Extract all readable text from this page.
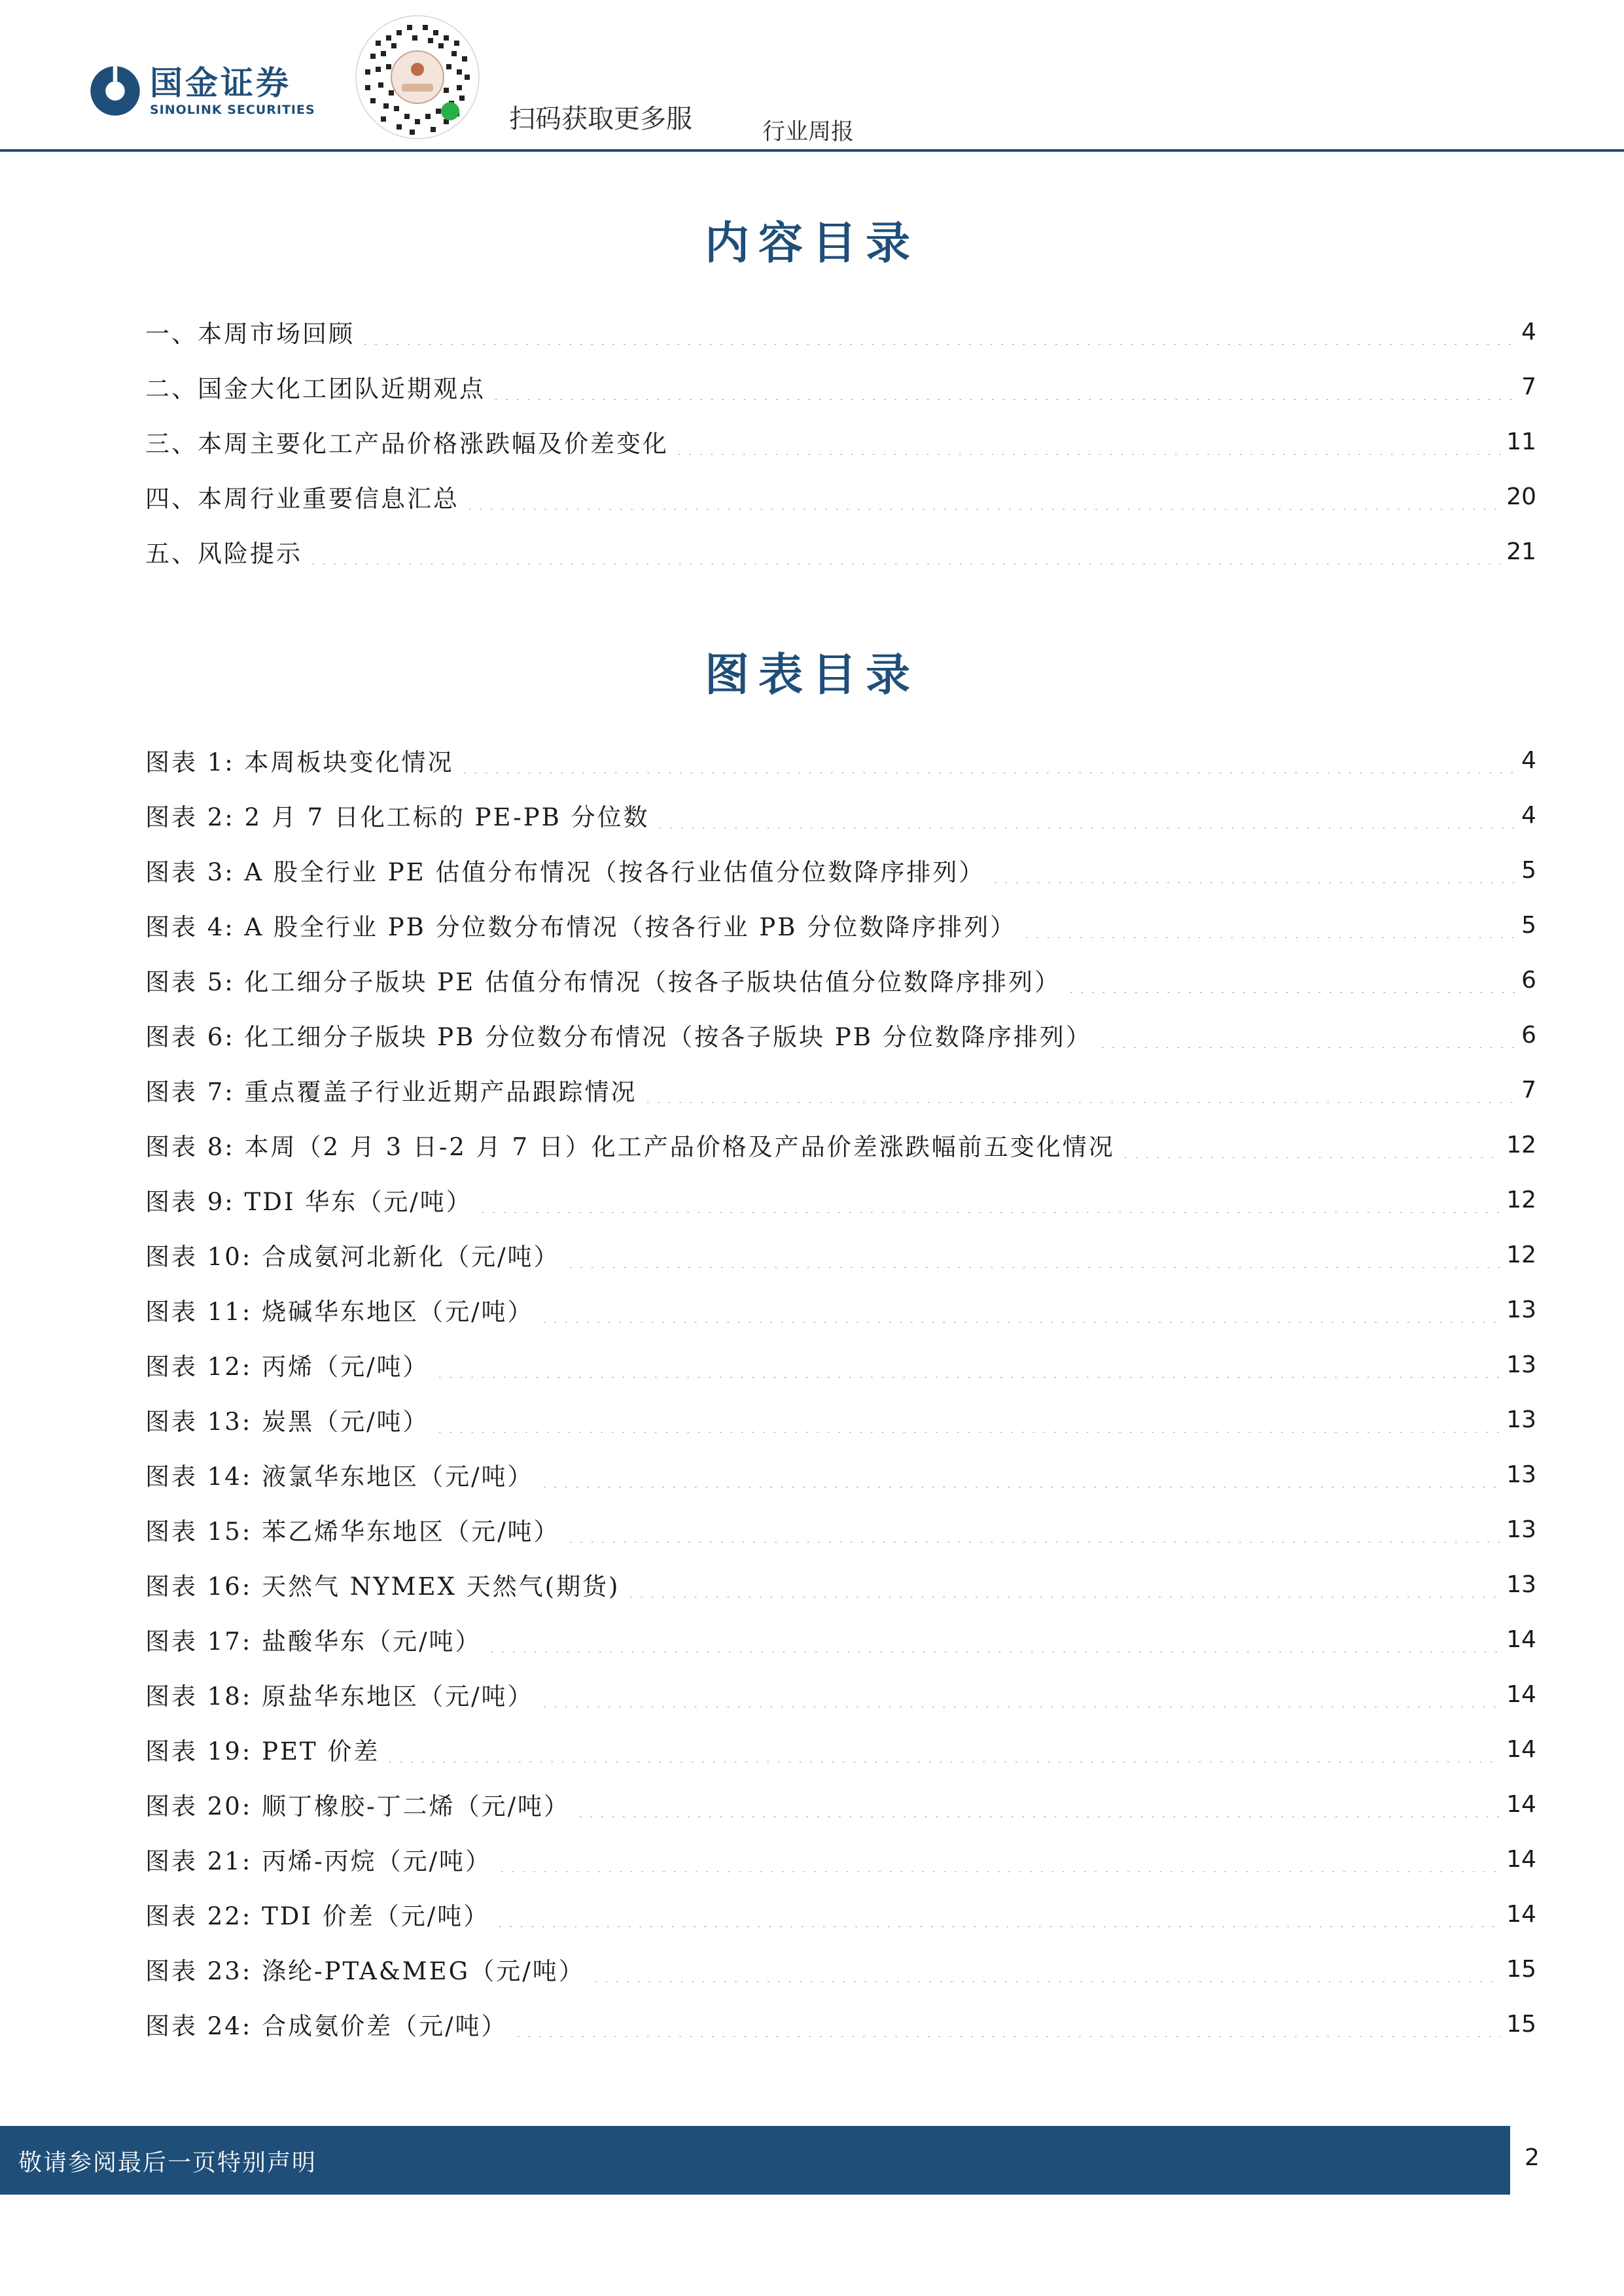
国金证券
SINOLINK SECURITIES	扫码获取更多服	行业周报
内容目录
一、本周市场回顾	4
二、国金大化工团队近期观点	7
三、本周主要化工产品价格涨跌幅及价差变化	11
四、本周行业重要信息汇总	20
五、风险提示	21
图表目录
图表 1: 本周板块变化情况	4
图表 2: 2 月 7 日化工标的 PE-PB 分位数	4
图表 3: A 股全行业 PE 估值分布情况（按各行业估值分位数降序排列）	5
图表 4: A 股全行业 PB 分位数分布情况（按各行业 PB 分位数降序排列）	5
图表 5: 化工细分子版块 PE 估值分布情况（按各子版块估值分位数降序排列）	6
图表 6: 化工细分子版块 PB 分位数分布情况（按各子版块 PB 分位数降序排列）	6
图表 7: 重点覆盖子行业近期产品跟踪情况	7
图表 8: 本周（2 月 3 日-2 月 7 日）化工产品价格及产品价差涨跌幅前五变化情况	12
图表 9: TDI 华东（元/吨）	12
图表 10: 合成氨河北新化（元/吨）	12
图表 11: 烧碱华东地区（元/吨）	13
图表 12: 丙烯（元/吨）	13
图表 13: 炭黑（元/吨）	13
图表 14: 液氯华东地区（元/吨）	13
图表 15: 苯乙烯华东地区（元/吨）	13
图表 16: 天然气 NYMEX 天然气(期货)	13
图表 17: 盐酸华东（元/吨）	14
图表 18: 原盐华东地区（元/吨）	14
图表 19: PET 价差	14
图表 20: 顺丁橡胶-丁二烯（元/吨）	14
图表 21: 丙烯-丙烷（元/吨）	14
图表 22: TDI 价差（元/吨）	14
图表 23: 涤纶-PTA&MEG（元/吨）	15
图表 24: 合成氨价差（元/吨）	15
敬请参阅最后一页特别声明	2
